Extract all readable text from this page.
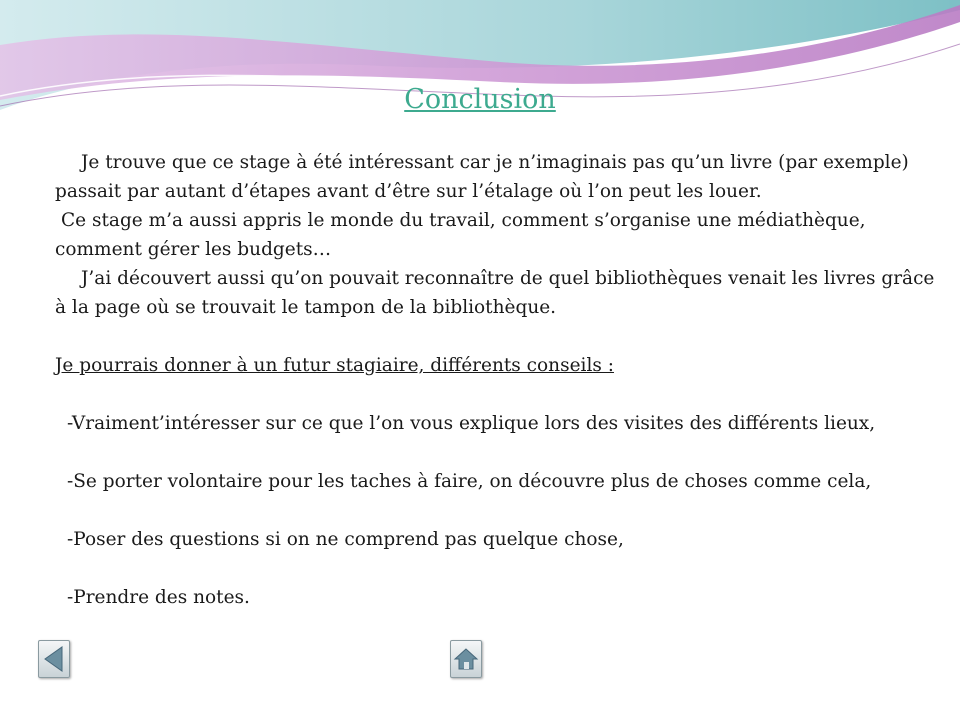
Conclusion

Je trouve que ce stage à été intéressant car je n’imaginais pas qu’un livre (par exemple) passait par autant d’étapes avant d’être sur l’étalage où l’on peut les louer.

Ce stage m’a aussi appris le monde du travail, comment s’organise une médiathèque, comment gérer les budgets…

J’ai découvert aussi qu’on pouvait reconnaître de quel bibliothèques venait les livres grâce à la page où se trouvait le tampon de la bibliothèque.

Je pourrais donner à un futur stagiaire, différents conseils :

-Vraiment’intéresser sur ce que l’on vous explique lors des visites des différents lieux,

-Se porter volontaire pour les taches à faire, on découvre plus de choses comme cela,

-Poser des questions si on ne comprend pas quelque chose,

-Prendre des notes.
